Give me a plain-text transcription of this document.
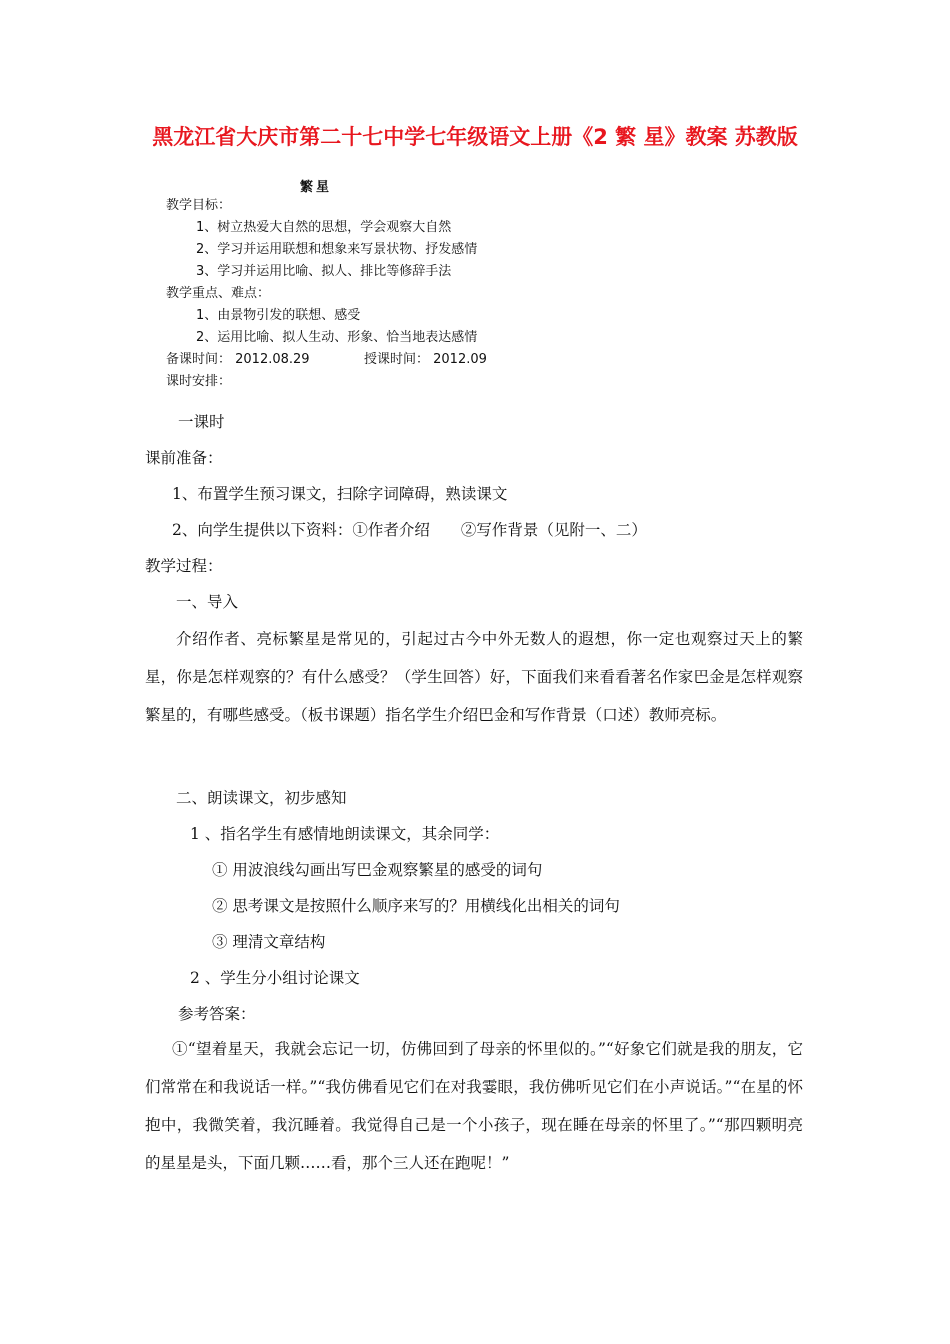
黑龙江省大庆市第二十七中学七年级语文上册《2 繁 星》教案 苏教版
繁星
教学目标：
1、树立热爱大自然的思想，学会观察大自然
2、学习并运用联想和想象来写景状物、抒发感情
3、学习并运用比喻、拟人、排比等修辞手法
教学重点、难点：
1、由景物引发的联想、感受
2、运用比喻、拟人生动、形象、恰当地表达感情
备课时间： 2012.08.29	授课时间： 2012.09
课时安排：
一课时
课前准备：
1、布置学生预习课文，扫除字词障碍，熟读课文
2、向学生提供以下资料：①作者介绍　　②写作背景（见附一、二）
教学过程：
一、导入
介绍作者、亮标繁星是常见的，引起过古今中外无数人的遐想，你一定也观察过天上的繁星，你是怎样观察的？有什么感受？（学生回答）好，下面我们来看看著名作家巴金是怎样观察繁星的，有哪些感受。（板书课题）指名学生介绍巴金和写作背景（口述）教师亮标。
二、朗读课文，初步感知
1 、指名学生有感情地朗读课文，其余同学：
① 用波浪线勾画出写巴金观察繁星的感受的词句
② 思考课文是按照什么顺序来写的？用横线化出相关的词句
③ 理清文章结构
2 、学生分小组讨论课文
参考答案：
①“望着星天，我就会忘记一切，仿佛回到了母亲的怀里似的。”“好象它们就是我的朋友，它们常常在和我说话一样。”“我仿佛看见它们在对我霎眼，我仿佛听见它们在小声说话。”“在星的怀抱中，我微笑着，我沉睡着。我觉得自己是一个小孩子，现在睡在母亲的怀里了。”“那四颗明亮的星星是头，下面几颗……看，那个三人还在跑呢！”
